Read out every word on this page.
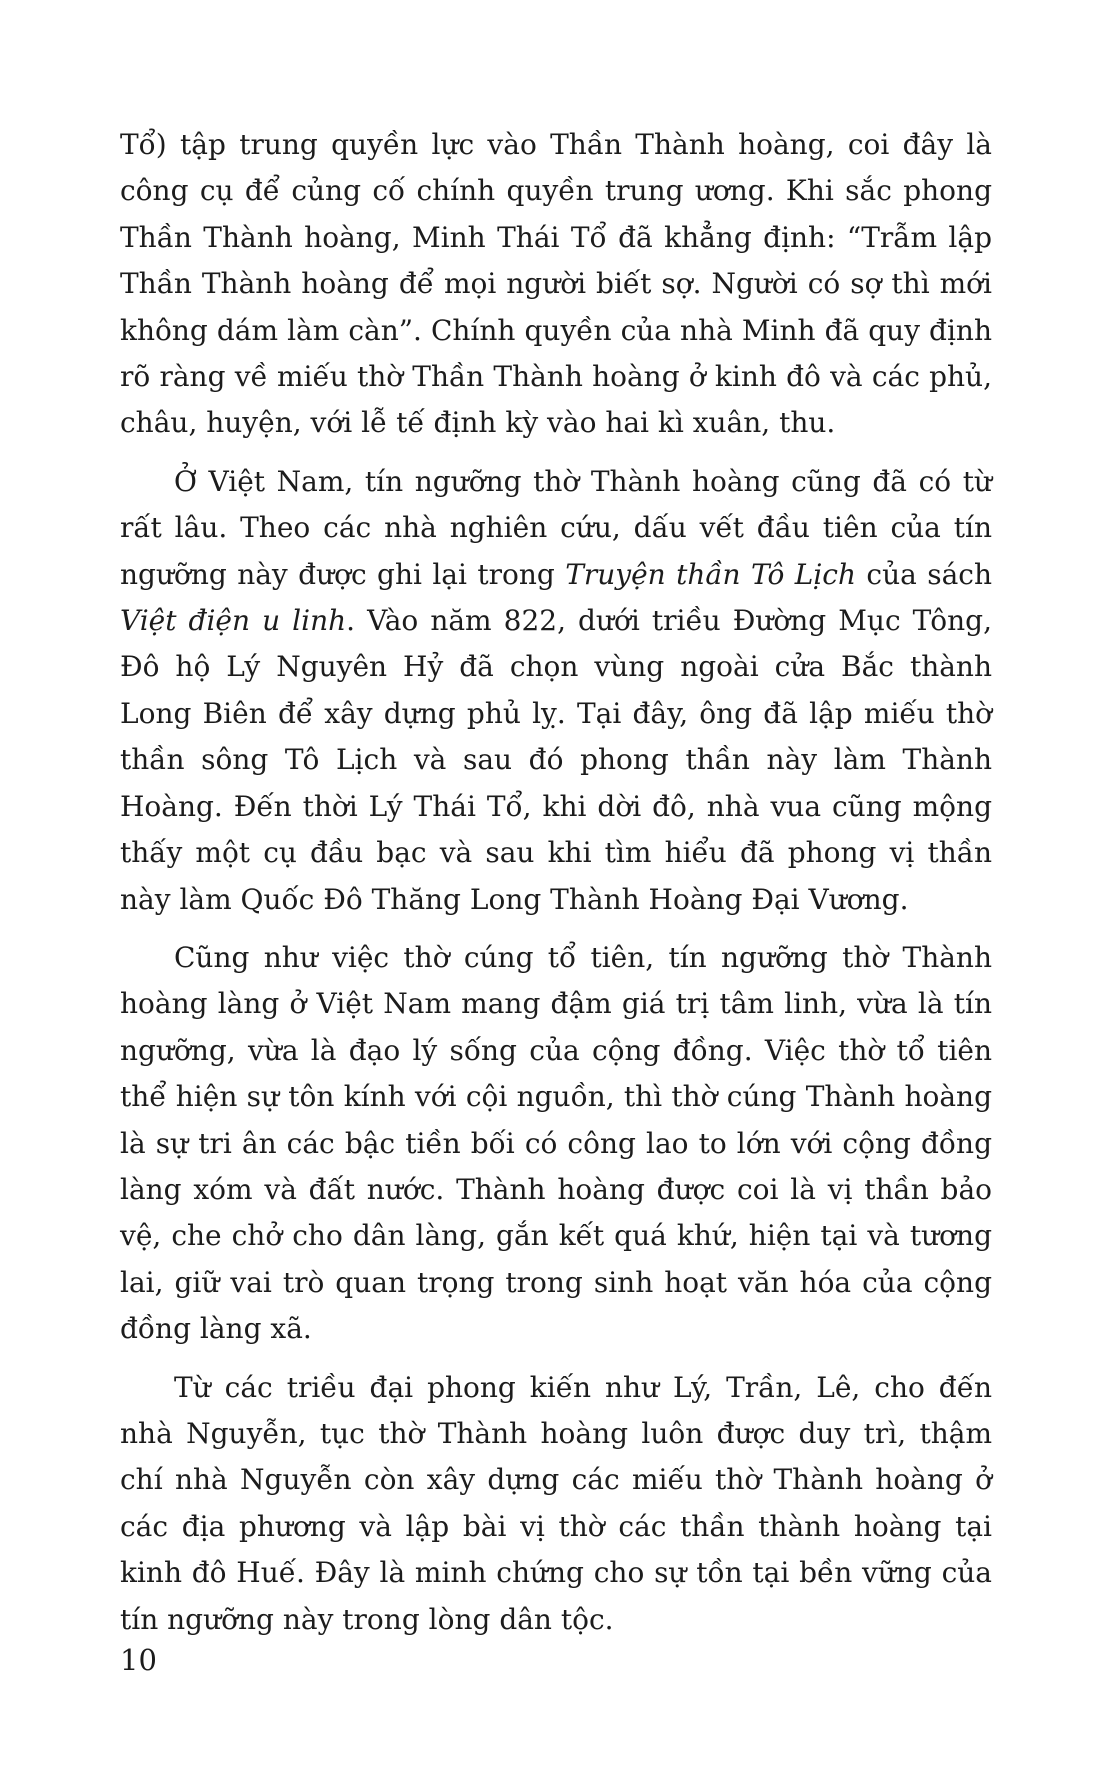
Tổ) tập trung quyền lực vào Thần Thành hoàng, coi đây là công cụ để củng cố chính quyền trung ương. Khi sắc phong Thần Thành hoàng, Minh Thái Tổ đã khẳng định: “Trẫm lập Thần Thành hoàng để mọi người biết sợ. Người có sợ thì mới không dám làm càn”. Chính quyền của nhà Minh đã quy định rõ ràng về miếu thờ Thần Thành hoàng ở kinh đô và các phủ, châu, huyện, với lễ tế định kỳ vào hai kì xuân, thu.

Ở Việt Nam, tín ngưỡng thờ Thành hoàng cũng đã có từ rất lâu. Theo các nhà nghiên cứu, dấu vết đầu tiên của tín ngưỡng này được ghi lại trong Truyện thần Tô Lịch của sách Việt điện u linh. Vào năm 822, dưới triều Đường Mục Tông, Đô hộ Lý Nguyên Hỷ đã chọn vùng ngoài cửa Bắc thành Long Biên để xây dựng phủ lỵ. Tại đây, ông đã lập miếu thờ thần sông Tô Lịch và sau đó phong thần này làm Thành Hoàng. Đến thời Lý Thái Tổ, khi dời đô, nhà vua cũng mộng thấy một cụ đầu bạc và sau khi tìm hiểu đã phong vị thần này làm Quốc Đô Thăng Long Thành Hoàng Đại Vương.

Cũng như việc thờ cúng tổ tiên, tín ngưỡng thờ Thành hoàng làng ở Việt Nam mang đậm giá trị tâm linh, vừa là tín ngưỡng, vừa là đạo lý sống của cộng đồng. Việc thờ tổ tiên thể hiện sự tôn kính với cội nguồn, thì thờ cúng Thành hoàng là sự tri ân các bậc tiền bối có công lao to lớn với cộng đồng làng xóm và đất nước. Thành hoàng được coi là vị thần bảo vệ, che chở cho dân làng, gắn kết quá khứ, hiện tại và tương lai, giữ vai trò quan trọng trong sinh hoạt văn hóa của cộng đồng làng xã.

Từ các triều đại phong kiến như Lý, Trần, Lê, cho đến nhà Nguyễn, tục thờ Thành hoàng luôn được duy trì, thậm chí nhà Nguyễn còn xây dựng các miếu thờ Thành hoàng ở các địa phương và lập bài vị thờ các thần thành hoàng tại kinh đô Huế. Đây là minh chứng cho sự tồn tại bền vững của tín ngưỡng này trong lòng dân tộc.

10
